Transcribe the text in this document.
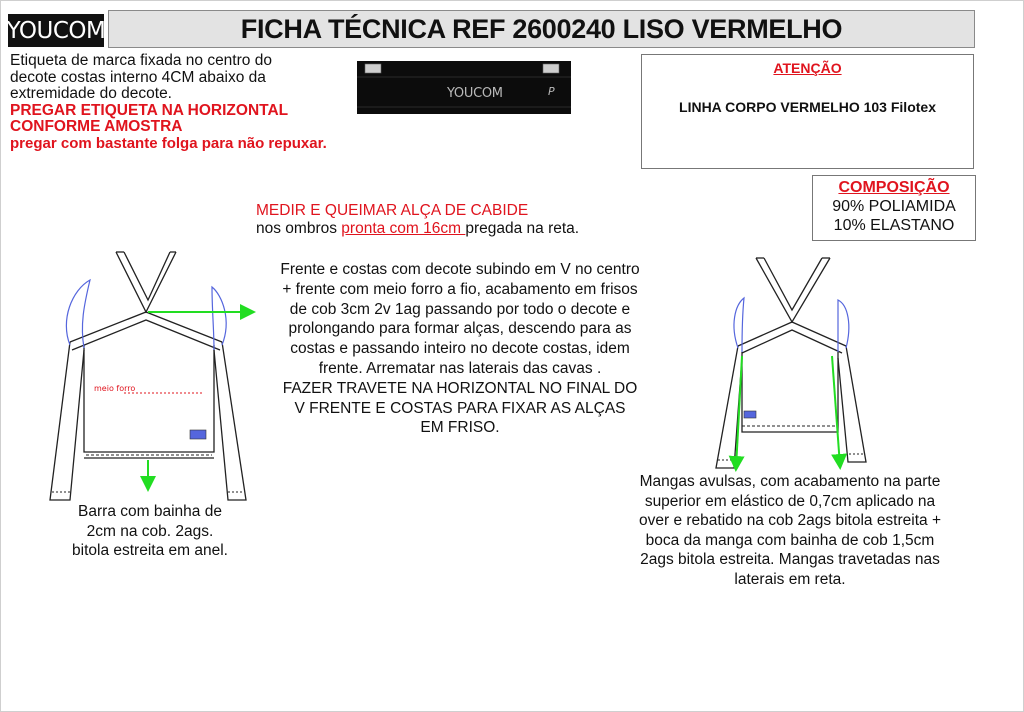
YOUCOM	FICHA TÉCNICA REF 2600240 LISO VERMELHO
Etiqueta de marca fixada no centro do
decote costas interno 4CM abaixo da
extremidade do decote.
PREGAR ETIQUETA NA HORIZONTAL
CONFORME AMOSTRA
pregar com bastante folga para não repuxar.
YOUCOM	P
ATENÇÃO
LINHA CORPO VERMELHO 103 Filotex
COMPOSIÇÃO
90% POLIAMIDA
10% ELASTANO
MEDIR E QUEIMAR ALÇA DE CABIDE
nos ombros pronta com 16cm pregada na reta.
Frente e costas com decote subindo em V no centro
+ frente com meio forro a fio, acabamento em frisos
de cob 3cm 2v 1ag passando por todo o decote e
prolongando para formar alças, descendo para as
costas e passando inteiro no decote costas, idem
frente. Arrematar nas laterais das cavas .
FAZER TRAVETE NA HORIZONTAL NO FINAL DO
V FRENTE E COSTAS PARA FIXAR AS ALÇAS
EM FRISO.
Barra com bainha de
2cm na cob. 2ags.
bitola estreita em anel.
Mangas avulsas, com acabamento na parte
superior em elástico de 0,7cm aplicado na
over e rebatido na cob 2ags bitola estreita +
boca da manga com bainha de cob 1,5cm
2ags bitola estreita. Mangas travetadas nas
laterais em reta.
meio forro
